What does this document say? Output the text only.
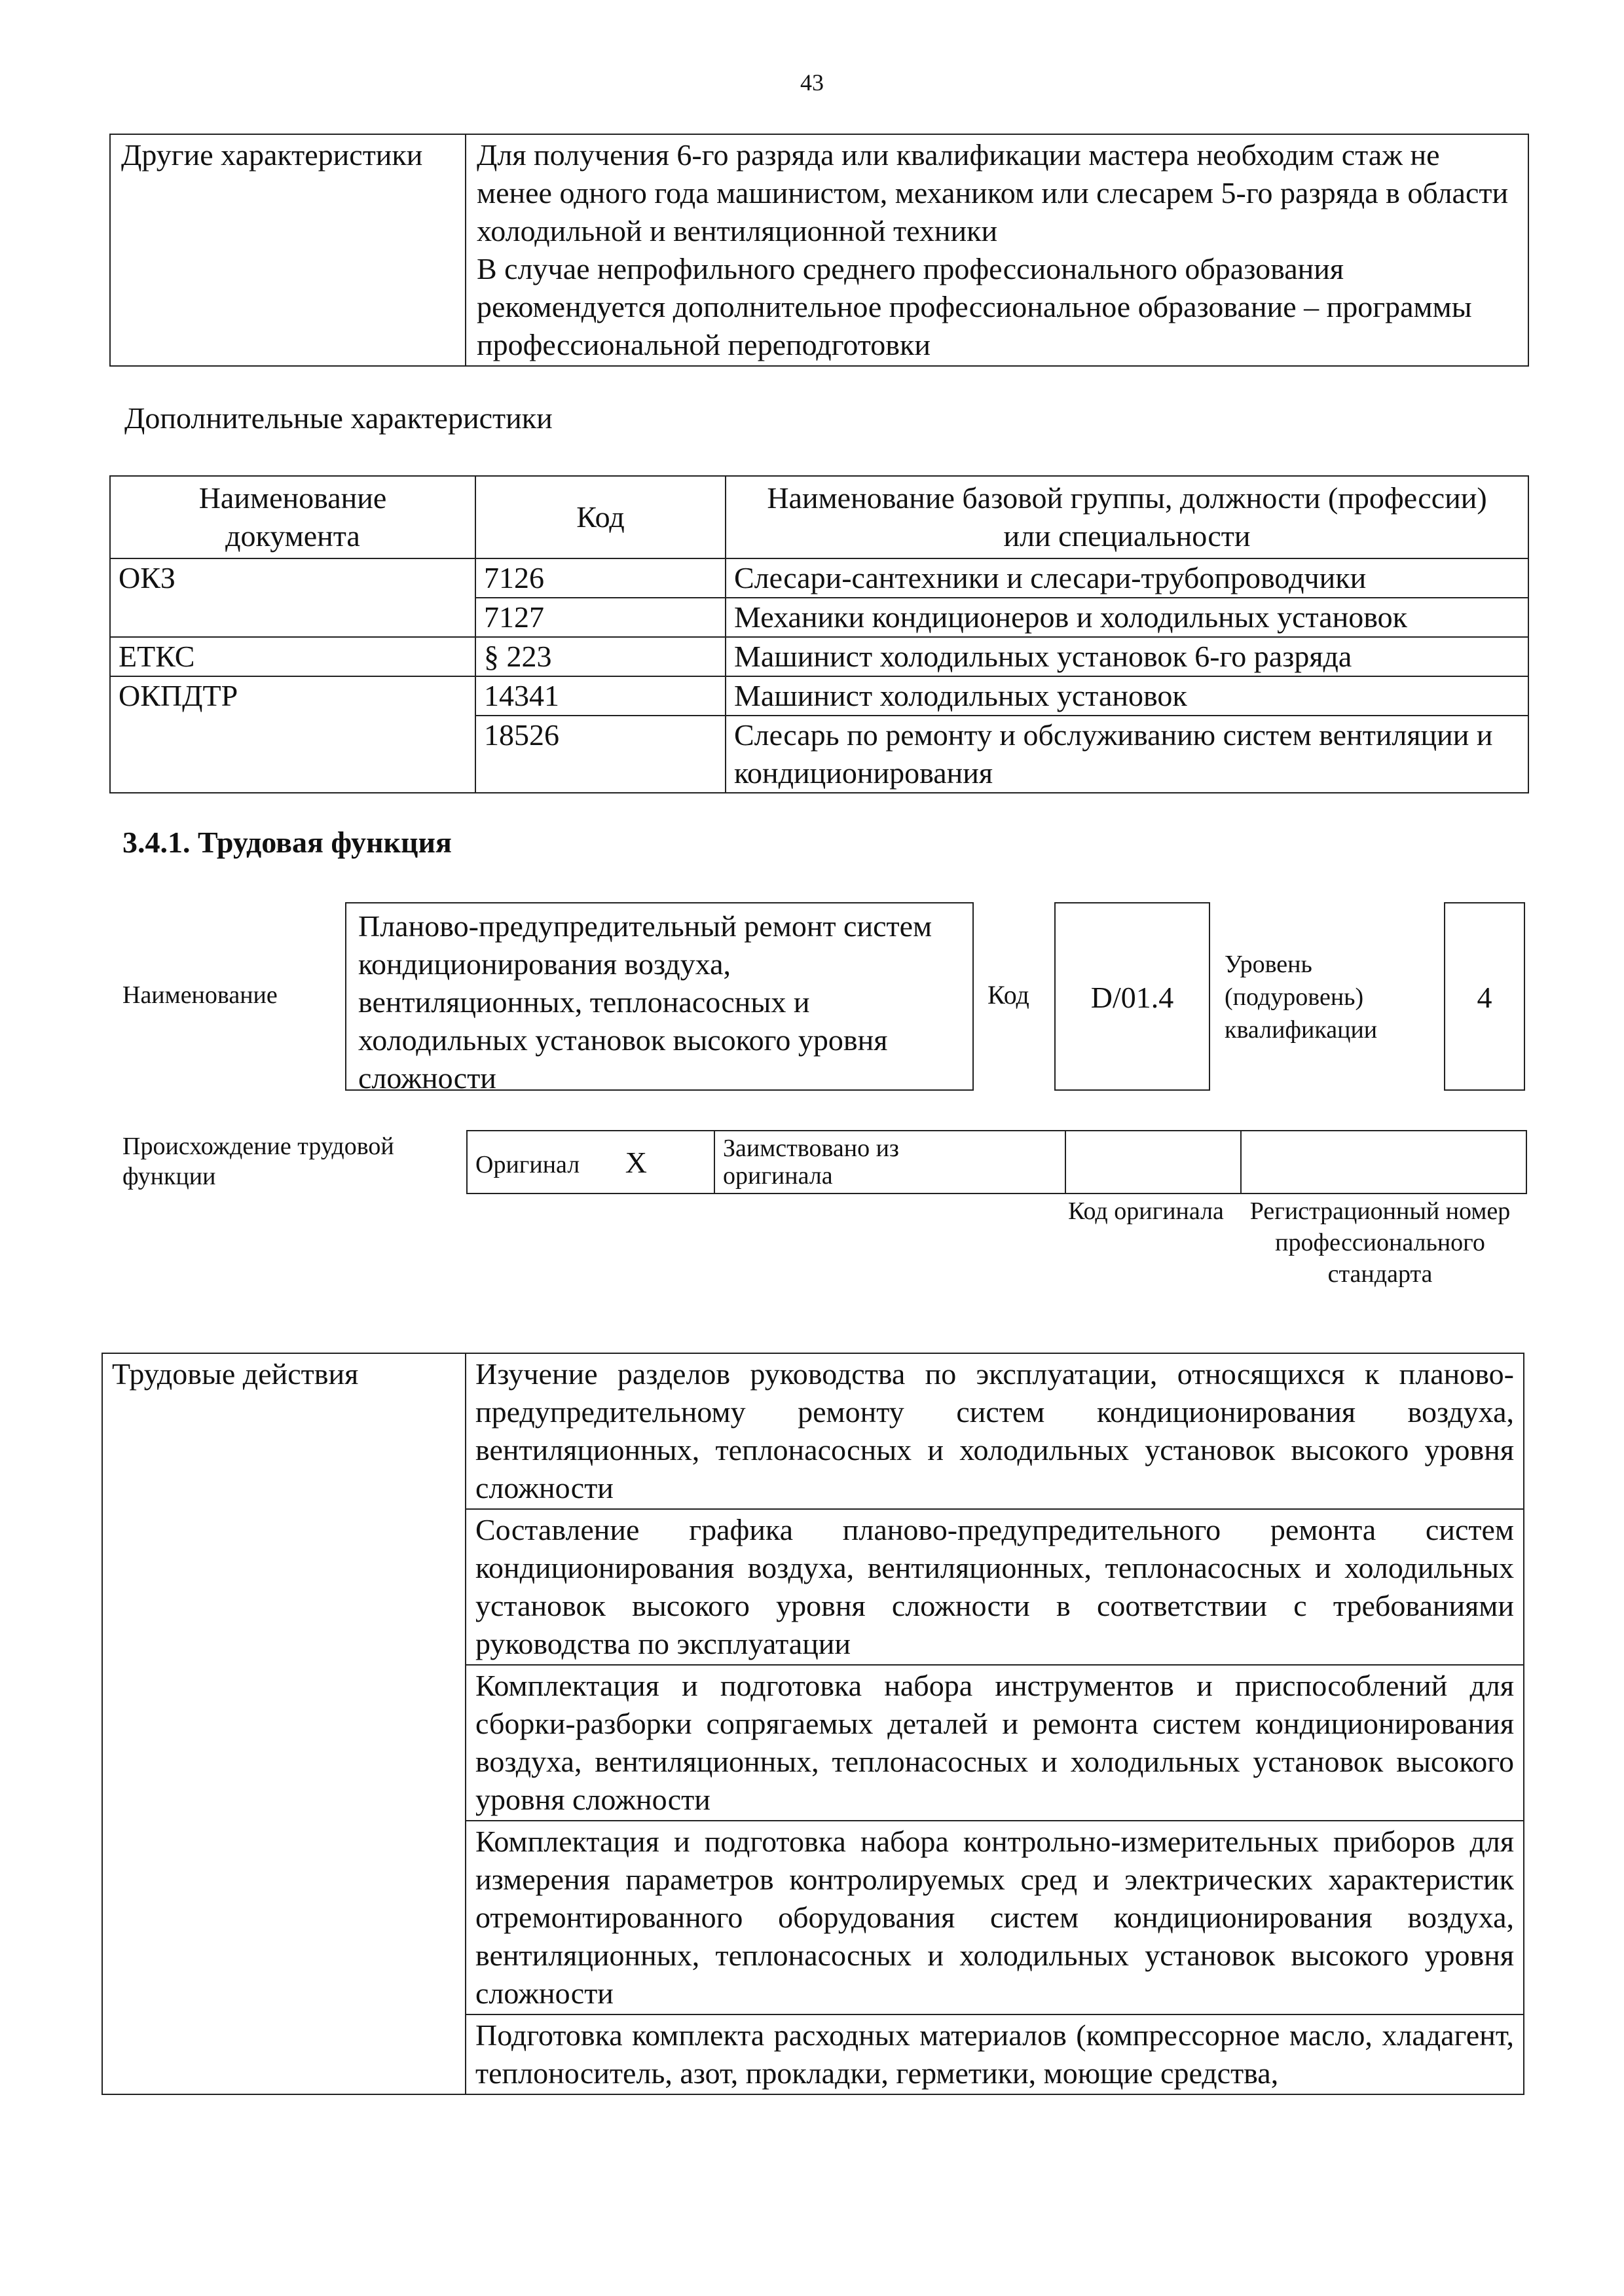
43
Другие характеристики	Для получения 6-го разряда или квалификации мастера необходим стаж не менее одного года машинистом, механиком или слесарем 5-го разряда в области холодильной и вентиляционной техники
В случае непрофильного среднего профессионального образования рекомендуется дополнительное профессиональное образование – программы профессиональной переподготовки
Дополнительные характеристики
Наименование документа	Код	Наименование базовой группы, должности (профессии) или специальности
ОКЗ	7126	Слесари-сантехники и слесари-трубопроводчики
	7127	Механики кондиционеров и холодильных установок
ЕТКС	§ 223	Машинист холодильных установок 6-го разряда
ОКПДТР	14341	Машинист холодильных установок
	18526	Слесарь по ремонту и обслуживанию систем вентиляции и кондиционирования
3.4.1. Трудовая функция
Наименование
Планово-предупредительный ремонт систем кондиционирования воздуха, вентиляционных, теплонасосных и холодильных установок высокого уровня сложности
Код	D/01.4
Уровень (подуровень) квалификации
4
Происхождение трудовой функции	Оригинал X	Заимствовано из оригинала		
Код оригинала	Регистрационный номер профессионального стандарта
Трудовые действия	Изучение разделов руководства по эксплуатации, относящихся к планово-предупредительному ремонту систем кондиционирования воздуха, вентиляционных, теплонасосных и холодильных установок высокого уровня сложности
Составление графика планово-предупредительного ремонта систем кондиционирования воздуха, вентиляционных, теплонасосных и холодильных установок высокого уровня сложности в соответствии с требованиями руководства по эксплуатации
Комплектация и подготовка набора инструментов и приспособлений для сборки-разборки сопрягаемых деталей и ремонта систем кондиционирования воздуха, вентиляционных, теплонасосных и холодильных установок высокого уровня сложности
Комплектация и подготовка набора контрольно-измерительных приборов для измерения параметров контролируемых сред и электрических характеристик отремонтированного оборудования систем кондиционирования воздуха, вентиляционных, теплонасосных и холодильных установок высокого уровня сложности
Подготовка комплекта расходных материалов (компрессорное масло, хладагент, теплоноситель, азот, прокладки, герметики, моющие средства,
